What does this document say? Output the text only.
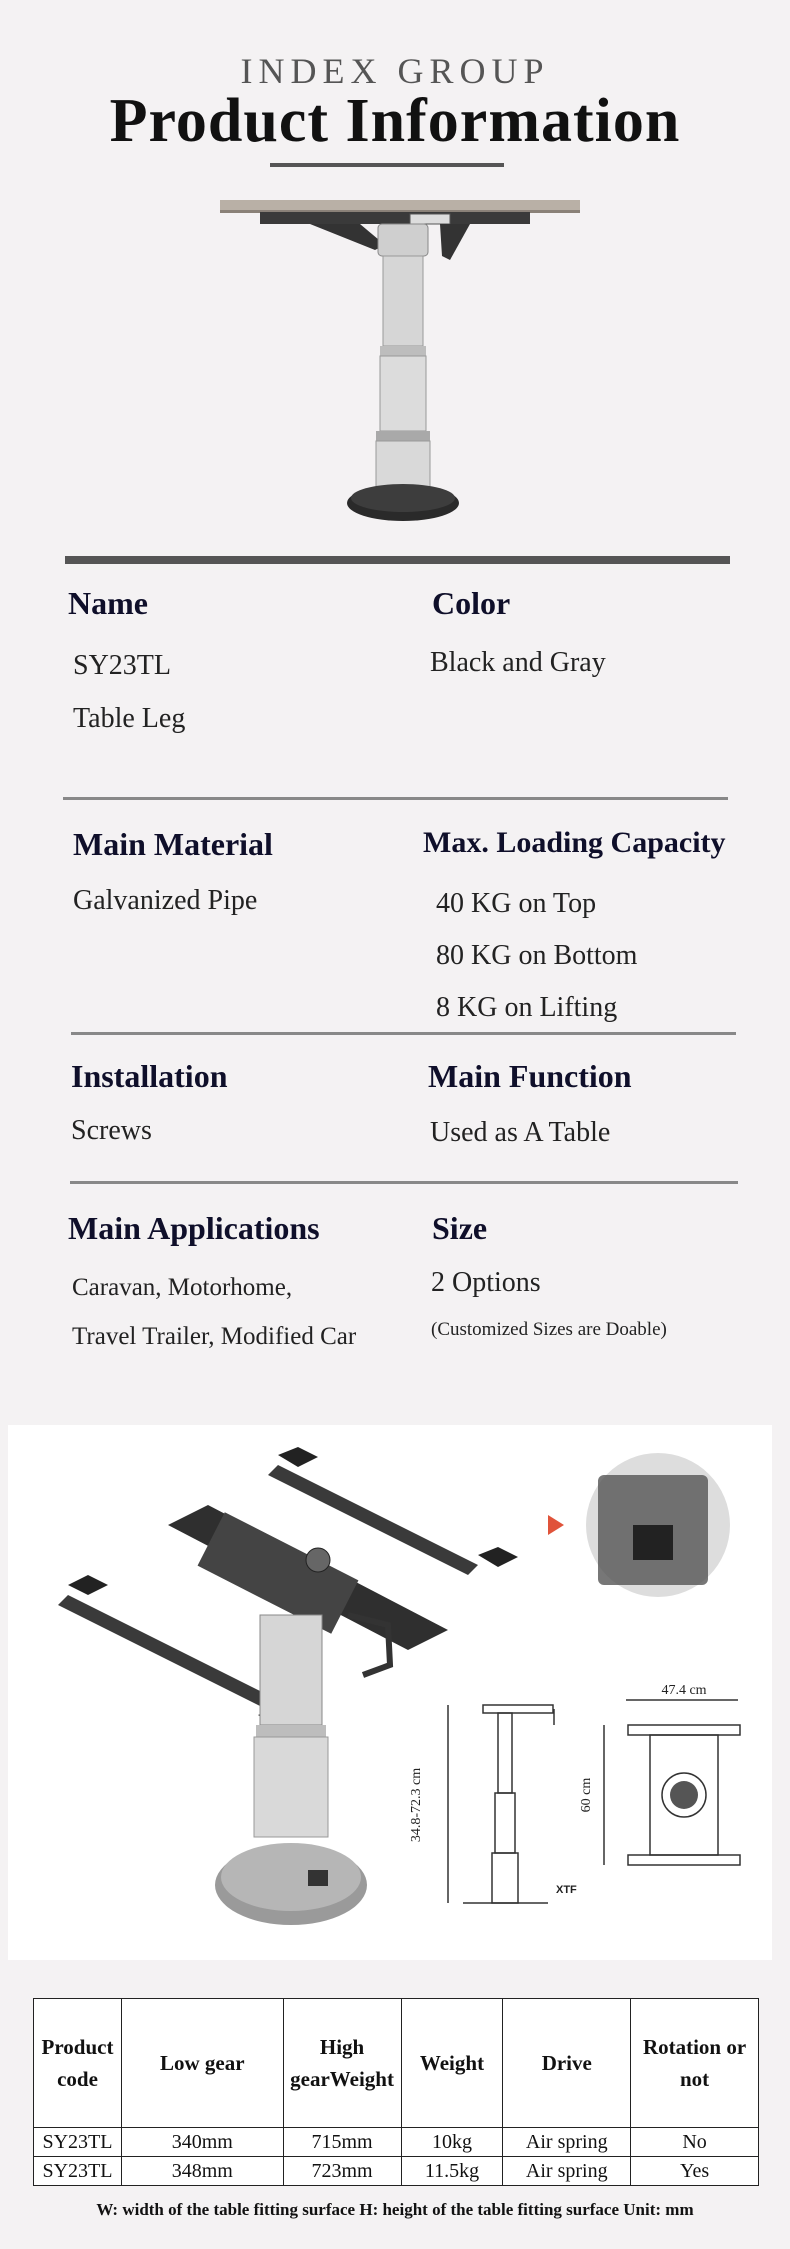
INDEX GROUP
Product Information
Name
SY23TL
Table Leg
Color
Black and Gray
Main Material
Galvanized Pipe
Max. Loading Capacity
40 KG on Top
80 KG on Bottom
8 KG on Lifting
Installation
Screws
Main Function
Used as A Table
Main Applications
Caravan, Motorhome,
Travel Trailer, Modified Car
Size
2 Options
(Customized Sizes are Doable)
34.8-72.3 cm
XTF
47.4 cm
60 cm
Product code	Low gear	High gearWeight	Weight	Drive	Rotation or not
SY23TL	340mm	715mm	10kg	Air spring	No
SY23TL	348mm	723mm	11.5kg	Air spring	Yes
W: width of the table fitting surface H: height of the table fitting surface Unit: mm
